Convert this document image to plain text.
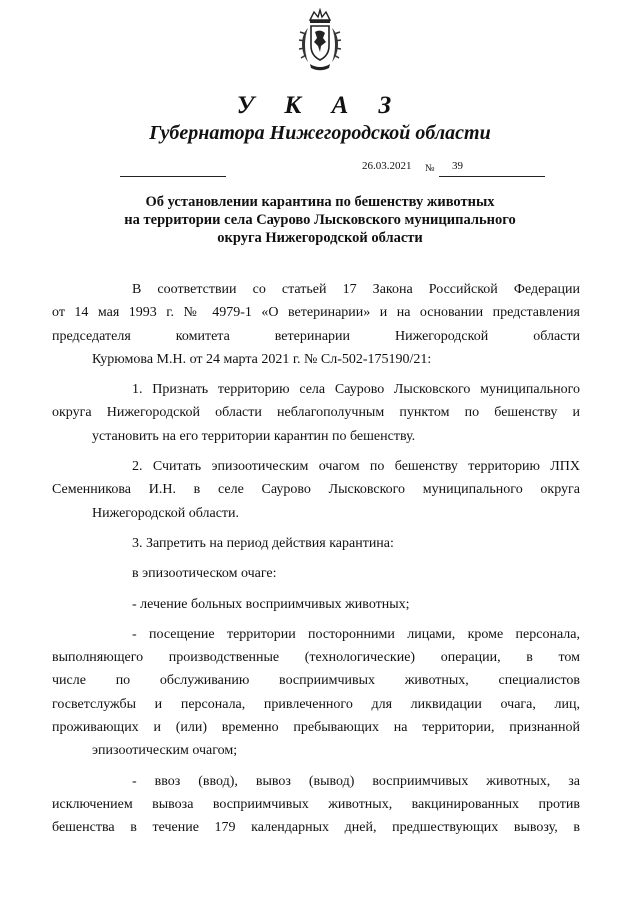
У К А З
Губернатора Нижегородской области
26.03.2021 № 39
Об установлении карантина по бешенству животных
на территории села Саурово Лысковского муниципального
округа Нижегородской области
В соответствии со статьей 17 Закона Российской Федерации
от 14 мая 1993 г. № 4979-1 «О ветеринарии» и на основании представления
председателя комитета ветеринарии Нижегородской области
Курюмова М.Н. от 24 марта 2021 г. № Сл-502-175190/21:
1. Признать территорию села Саурово Лысковского муниципального
округа Нижегородской области неблагополучным пунктом по бешенству и
установить на его территории карантин по бешенству.
2. Считать эпизоотическим очагом по бешенству территорию ЛПХ
Семенникова И.Н. в селе Саурово Лысковского муниципального округа
Нижегородской области.
3. Запретить на период действия карантина:
в эпизоотическом очаге:
- лечение больных восприимчивых животных;
- посещение территории посторонними лицами, кроме персонала,
выполняющего производственные (технологические) операции, в том
числе по обслуживанию восприимчивых животных, специалистов
госветслужбы и персонала, привлеченного для ликвидации очага, лиц,
проживающих и (или) временно пребывающих на территории, признанной
эпизоотическим очагом;
- ввоз (ввод), вывоз (вывод) восприимчивых животных, за
исключением вывоза восприимчивых животных, вакцинированных против
бешенства в течение 179 календарных дней, предшествующих вывозу, в
